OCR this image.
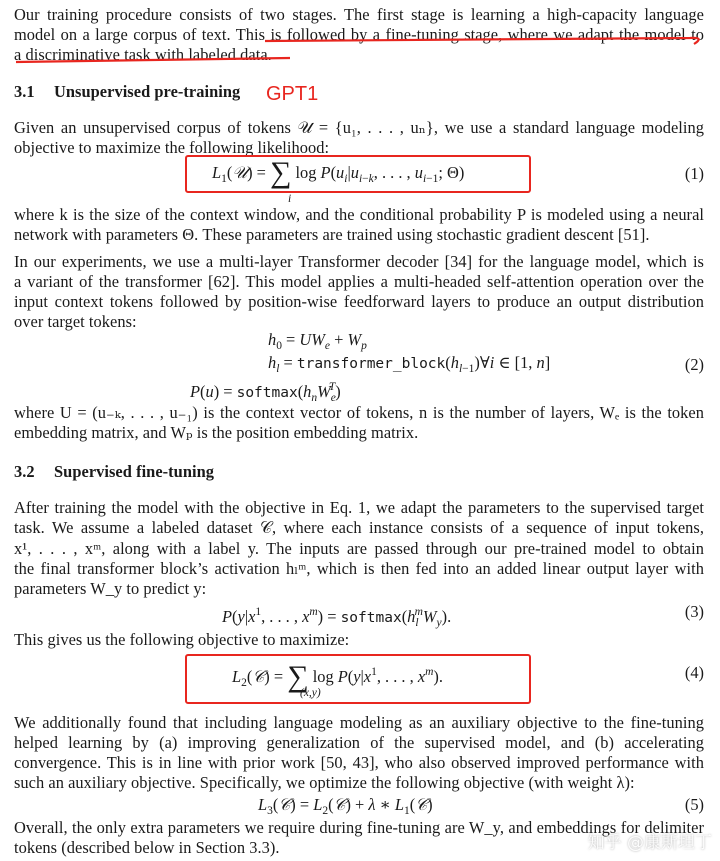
Our training procedure consists of two stages. The first stage is learning a high-capacity language
model on a large corpus of text. This is followed by a fine-tuning stage, where we adapt the model to
a discriminative task with labeled data.
3.1 Unsupervised pre-training	GPT1
Given an unsupervised corpus of tokens 𝒰 = {u₁, . . . , uₙ}, we use a standard language modeling
objective to maximize the following likelihood:
$L_1(𝒰)$ = ∑ $\log P(u_i|u_{i-k}$, . . . , $u_{i-1}$; Θ)
i
(1)
where k is the size of the context window, and the conditional probability P is modeled using a neural
network with parameters Θ. These parameters are trained using stochastic gradient descent [51].
In our experiments, we use a multi-layer Transformer decoder [34] for the language model, which is
a variant of the transformer [62]. This model applies a multi-headed self-attention operation over the
input context tokens followed by position-wise feedforward layers to produce an output distribution
over target tokens:
$h_0 = UW_e + W_p$
$h_l$ = $transformer\_block(h_{l-1})\forall i$ ∈ [1, n]
$P(u) = softmax(h_nW_e^T)$
(2)
where U = (u₋ₖ, . . . , u₋₁) is the context vector of tokens, n is the number of layers, Wₑ is the token
embedding matrix, and Wₚ is the position embedding matrix.
3.2 Supervised fine-tuning
After training the model with the objective in Eq. 1, we adapt the parameters to the supervised target
task. We assume a labeled dataset 𝒞, where each instance consists of a sequence of input tokens,
x¹, . . . , xᵐ, along with a label y. The inputs are passed through our pre-trained model to obtain
the final transformer block’s activation hₗᵐ, which is then fed into an added linear output layer with
parameters W_y to predict y:
$P(y|x^1$, . . . , $x^m$) = $softmax(h_l^mW_y)$.	(3)
This gives us the following objective to maximize:
$L_2(𝒞)$ = ∑ $\log P(y|x^1$, . . . , $x^m$).
(x,y)
(4)
We additionally found that including language modeling as an auxiliary objective to the fine-tuning
helped learning by (a) improving generalization of the supervised model, and (b) accelerating
convergence. This is in line with prior work [50, 43], who also observed improved performance with
such an auxiliary objective. Specifically, we optimize the following objective (with weight λ):
$L_3(𝒞)$ = $L_2(𝒞) + \lambda$ ∗ $L_1(𝒞)$	(5)
Overall, the only extra parameters we require during fine-tuning are W_y, and embeddings for delimiter
tokens (described below in Section 3.3).	知乎 @康斯坦丁
